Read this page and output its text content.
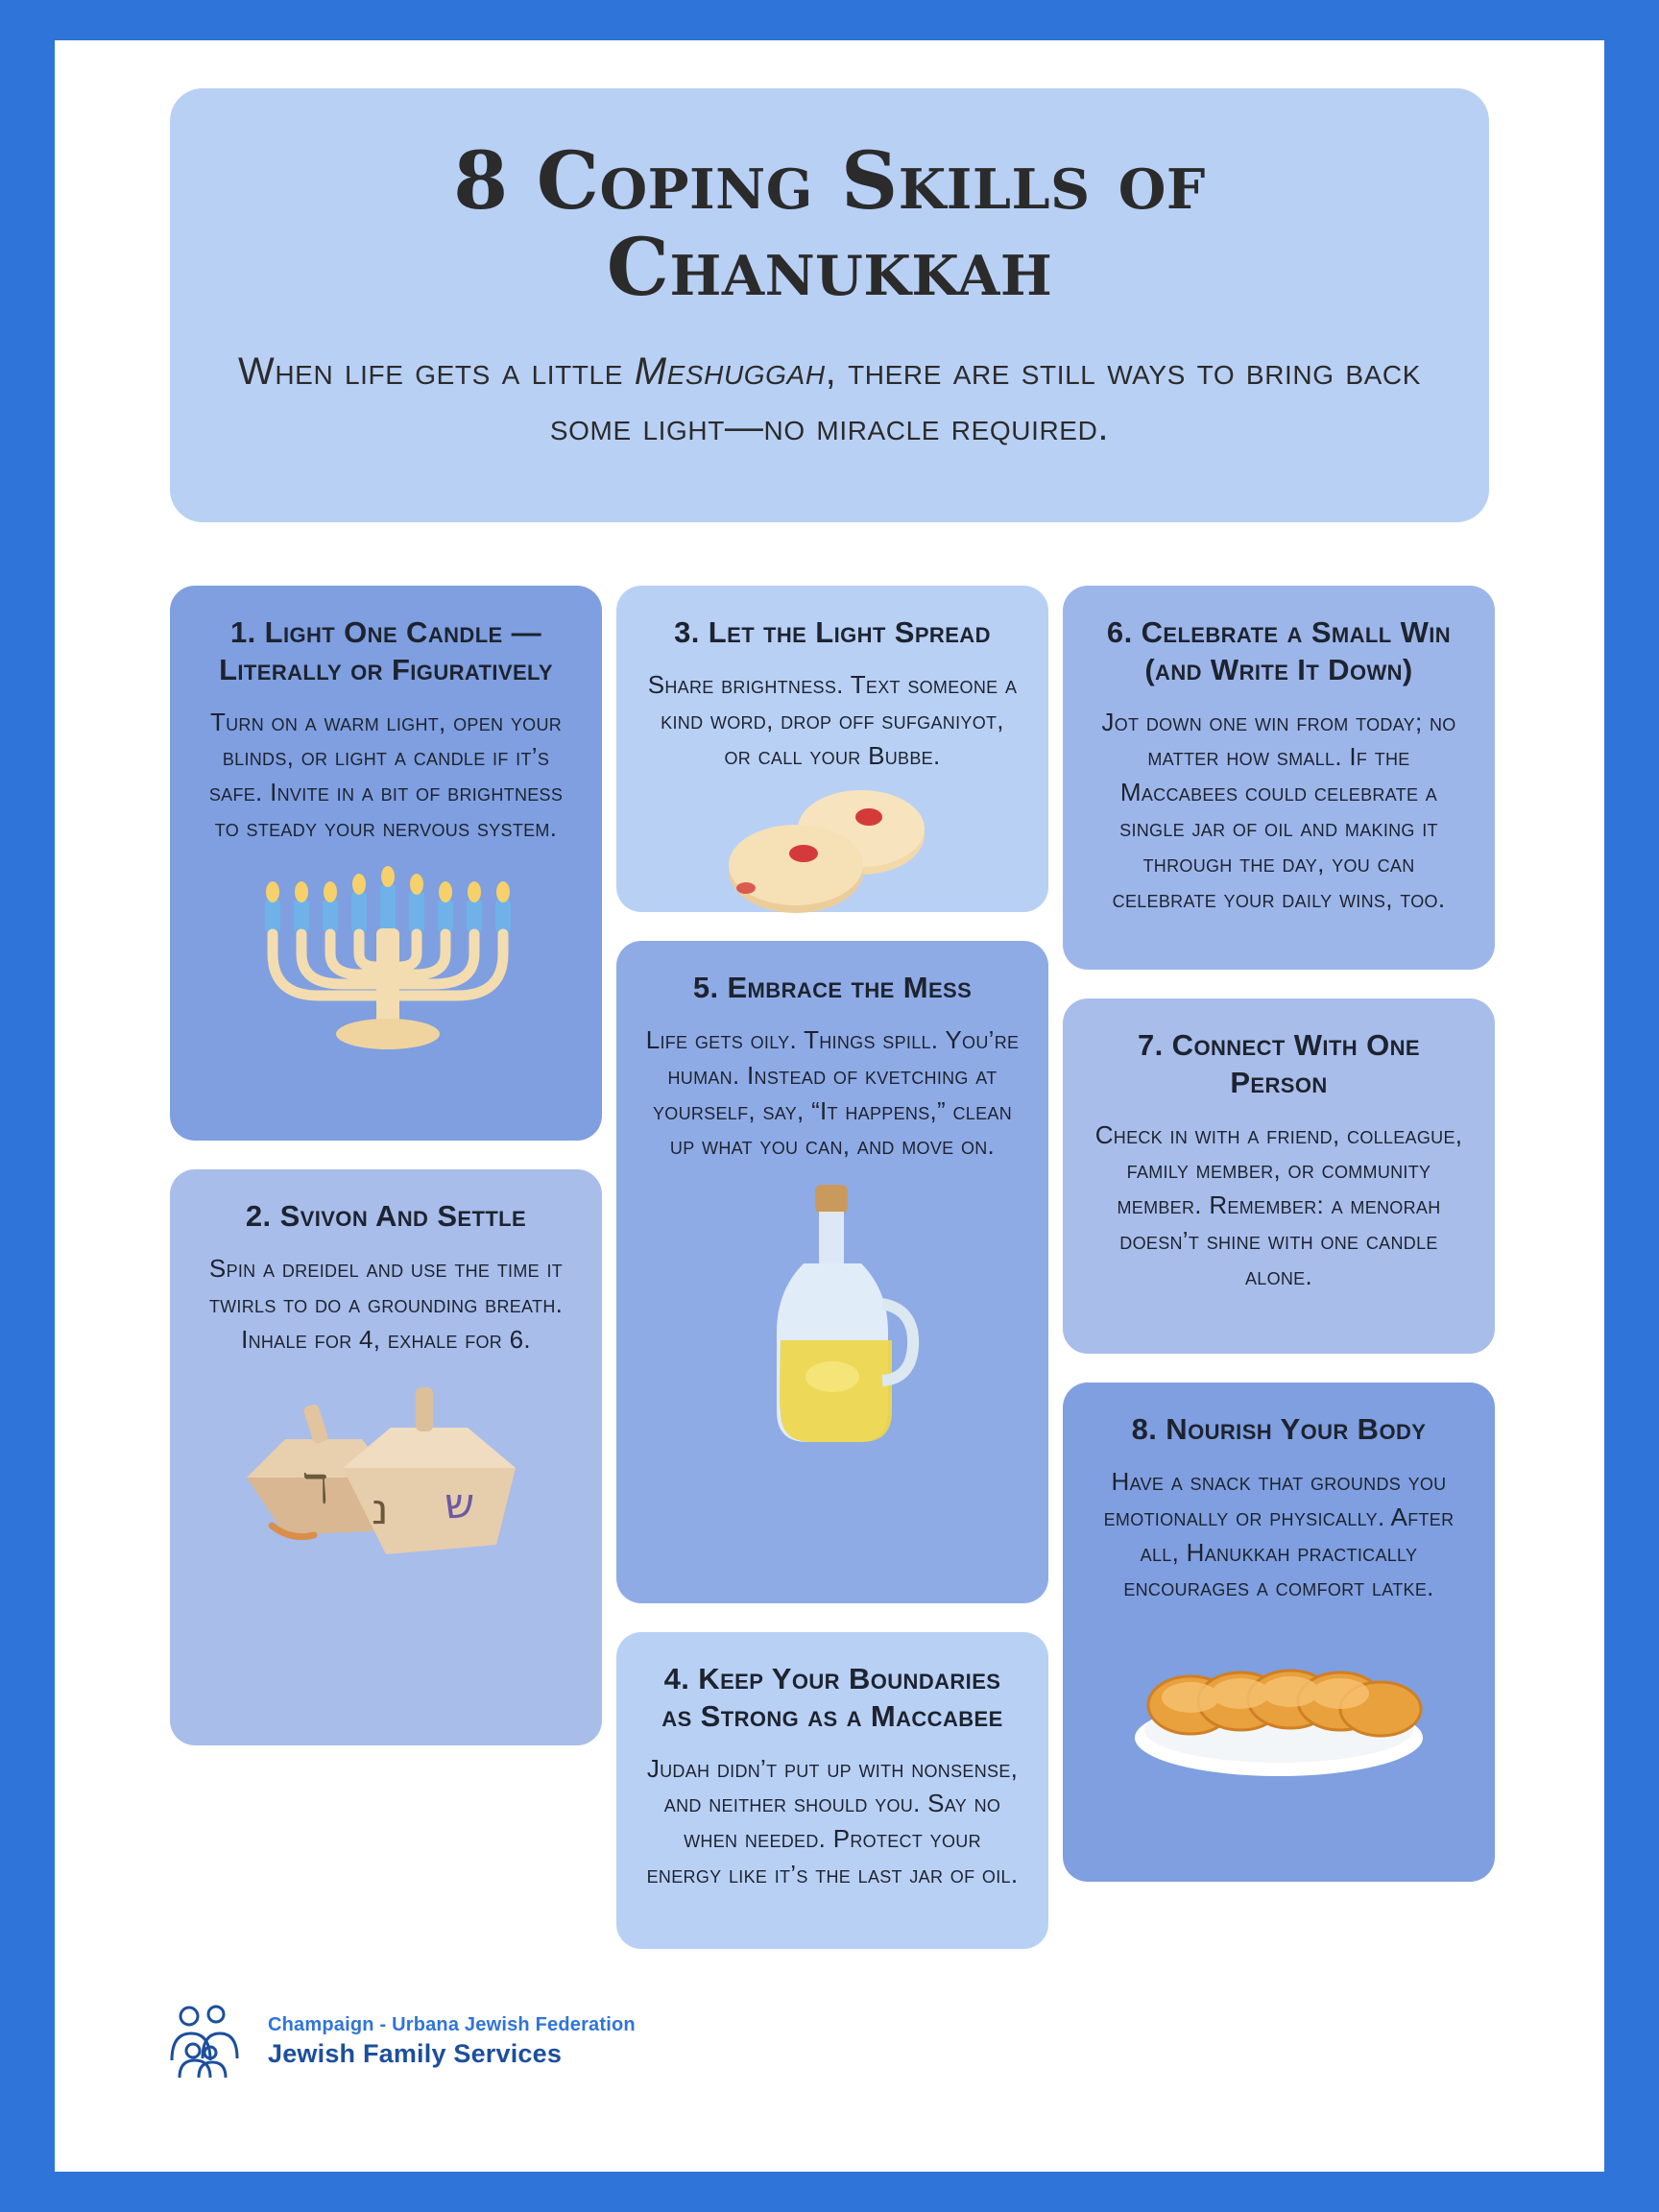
8 Coping Skills of Chanukkah
When life gets a little Meshuggah, there are still ways to bring back some light—no miracle required.
1. Light One Candle — Literally or Figuratively

Turn on a warm light, open your blinds, or light a candle if it’s safe. Invite in a bit of brightness to steady your nervous system.

2. Svivon And Settle

Spin a dreidel and use the time it twirls to do a grounding breath. Inhale for 4, exhale for 6.

ℸ נ ש
3. Let the Light Spread

Share brightness. Text someone a kind word, drop off sufganiyot, or call your Bubbe.

5. Embrace the Mess

Life gets oily. Things spill. You’re human. Instead of kvetching at yourself, say, “It happens,” clean up what you can, and move on.

4. Keep Your Boundaries as Strong as a Maccabee

Judah didn’t put up with nonsense, and neither should you. Say no when needed. Protect your energy like it’s the last jar of oil.

6. Celebrate a Small Win (and Write It Down)

Jot down one win from today; no matter how small. If the Maccabees could celebrate a single jar of oil and making it through the day, you can celebrate your daily wins, too.

7. Connect With One Person

Check in with a friend, colleague, family member, or community member. Remember: a menorah doesn’t shine with one candle alone.

8. Nourish Your Body

Have a snack that grounds you emotionally or physically. After all, Hanukkah practically encourages a comfort latke.

Champaign - Urbana Jewish Federation
Jewish Family Services
